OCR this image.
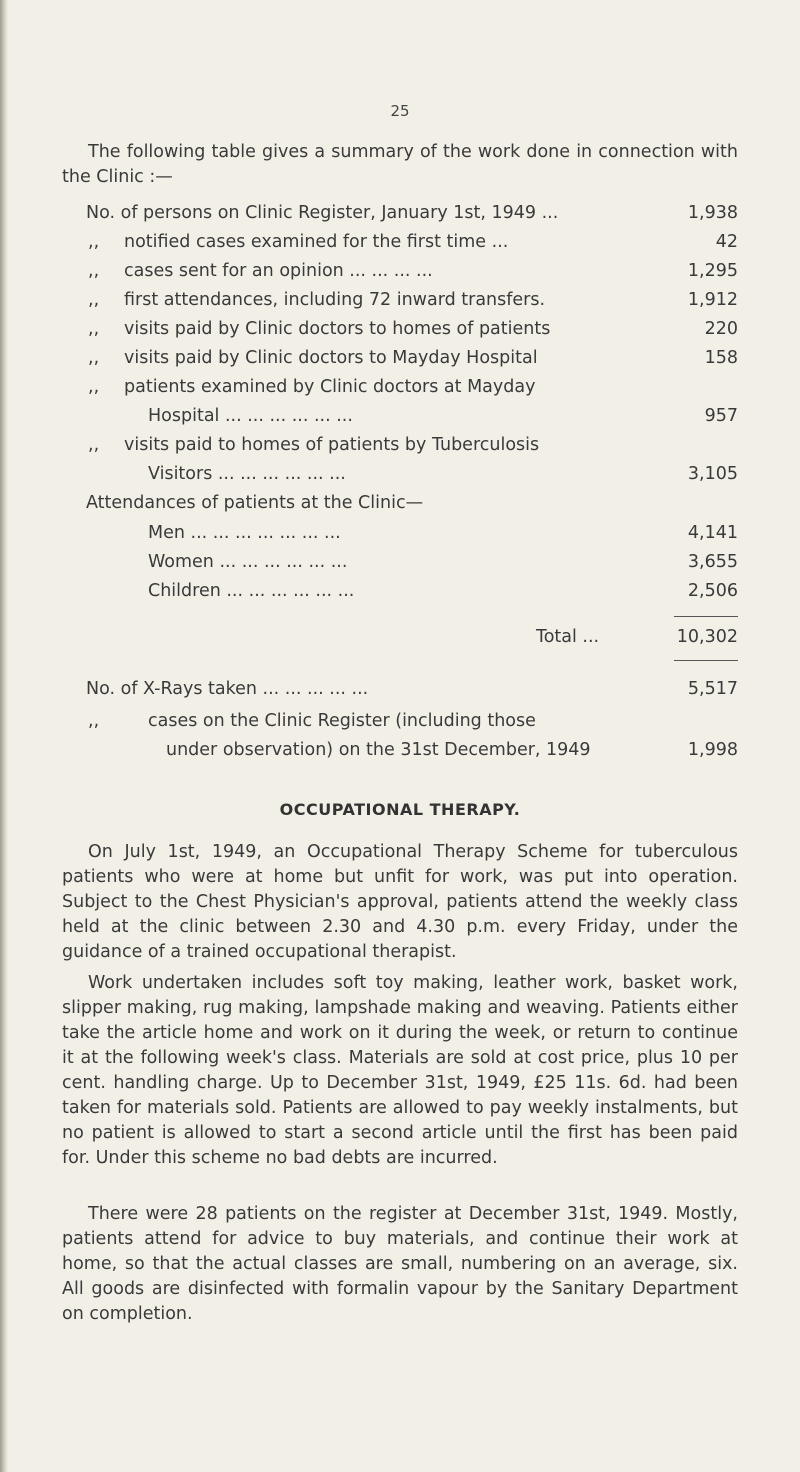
25
The following table gives a summary of the work done in connection with the Clinic :—
No. of persons on Clinic Register, January 1st, 1949 ...	1,938
,, notified cases examined for the first time ...	42
,, cases sent for an opinion ... ... ... ...	1,295
,, first attendances, including 72 inward transfers.	1,912
,, visits paid by Clinic doctors to homes of patients	220
,, visits paid by Clinic doctors to Mayday Hospital	158
,, patients examined by Clinic doctors at Mayday
Hospital ... ... ... ... ... ...	957
,, visits paid to homes of patients by Tuberculosis
Visitors ... ... ... ... ... ...	3,105
Attendances of patients at the Clinic—
Men ... ... ... ... ... ... ...	4,141
Women ... ... ... ... ... ...	3,655
Children ... ... ... ... ... ...	2,506
Total ...	10,302
No. of X-Rays taken ... ... ... ... ...	5,517
,,	cases on the Clinic Register (including those
under observation) on the 31st December, 1949	1,998
OCCUPATIONAL THERAPY.
On July 1st, 1949, an Occupational Therapy Scheme for tuberculous patients who were at home but unfit for work, was put into operation. Subject to the Chest Physician's approval, patients attend the weekly class held at the clinic between 2.30 and 4.30 p.m. every Friday, under the guidance of a trained occupational therapist.
Work undertaken includes soft toy making, leather work, basket work, slipper making, rug making, lampshade making and weaving. Patients either take the article home and work on it during the week, or return to continue it at the following week's class. Materials are sold at cost price, plus 10 per cent. handling charge. Up to December 31st, 1949, £25 11s. 6d. had been taken for materials sold. Patients are allowed to pay weekly instalments, but no patient is allowed to start a second article until the first has been paid for. Under this scheme no bad debts are incurred.
There were 28 patients on the register at December 31st, 1949. Mostly, patients attend for advice to buy materials, and continue their work at home, so that the actual classes are small, numbering on an average, six. All goods are disinfected with formalin vapour by the Sanitary Department on completion.
